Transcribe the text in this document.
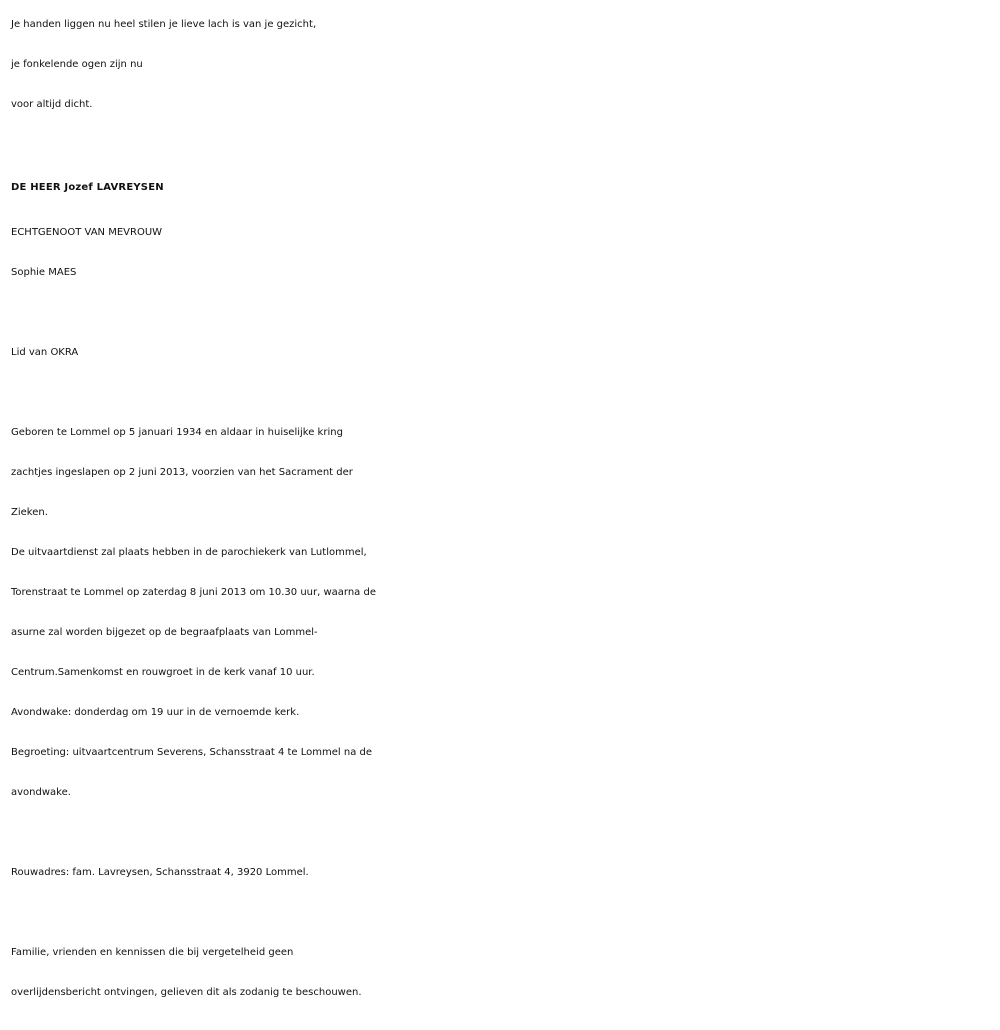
Je handen liggen nu heel stilen je lieve lach is van je gezicht,

je fonkelende ogen zijn nu

voor altijd dicht.

DE HEER Jozef LAVREYSEN

ECHTGENOOT VAN MEVROUW

Sophie MAES

Lid van OKRA

Geboren te Lommel op 5 januari 1934 en aldaar in huiselijke kring

zachtjes ingeslapen op 2 juni 2013, voorzien van het Sacrament der

Zieken.

De uitvaartdienst zal plaats hebben in de parochiekerk van Lutlommel,

Torenstraat te Lommel op zaterdag 8 juni 2013 om 10.30 uur, waarna de

asurne zal worden bijgezet op de begraafplaats van Lommel-

Centrum.Samenkomst en rouwgroet in de kerk vanaf 10 uur.

Avondwake: donderdag om 19 uur in de vernoemde kerk.

Begroeting: uitvaartcentrum Severens, Schansstraat 4 te Lommel na de

avondwake.

Rouwadres: fam. Lavreysen, Schansstraat 4, 3920 Lommel.

Familie, vrienden en kennissen die bij vergetelheid geen

overlijdensbericht ontvingen, gelieven dit als zodanig te beschouwen.
